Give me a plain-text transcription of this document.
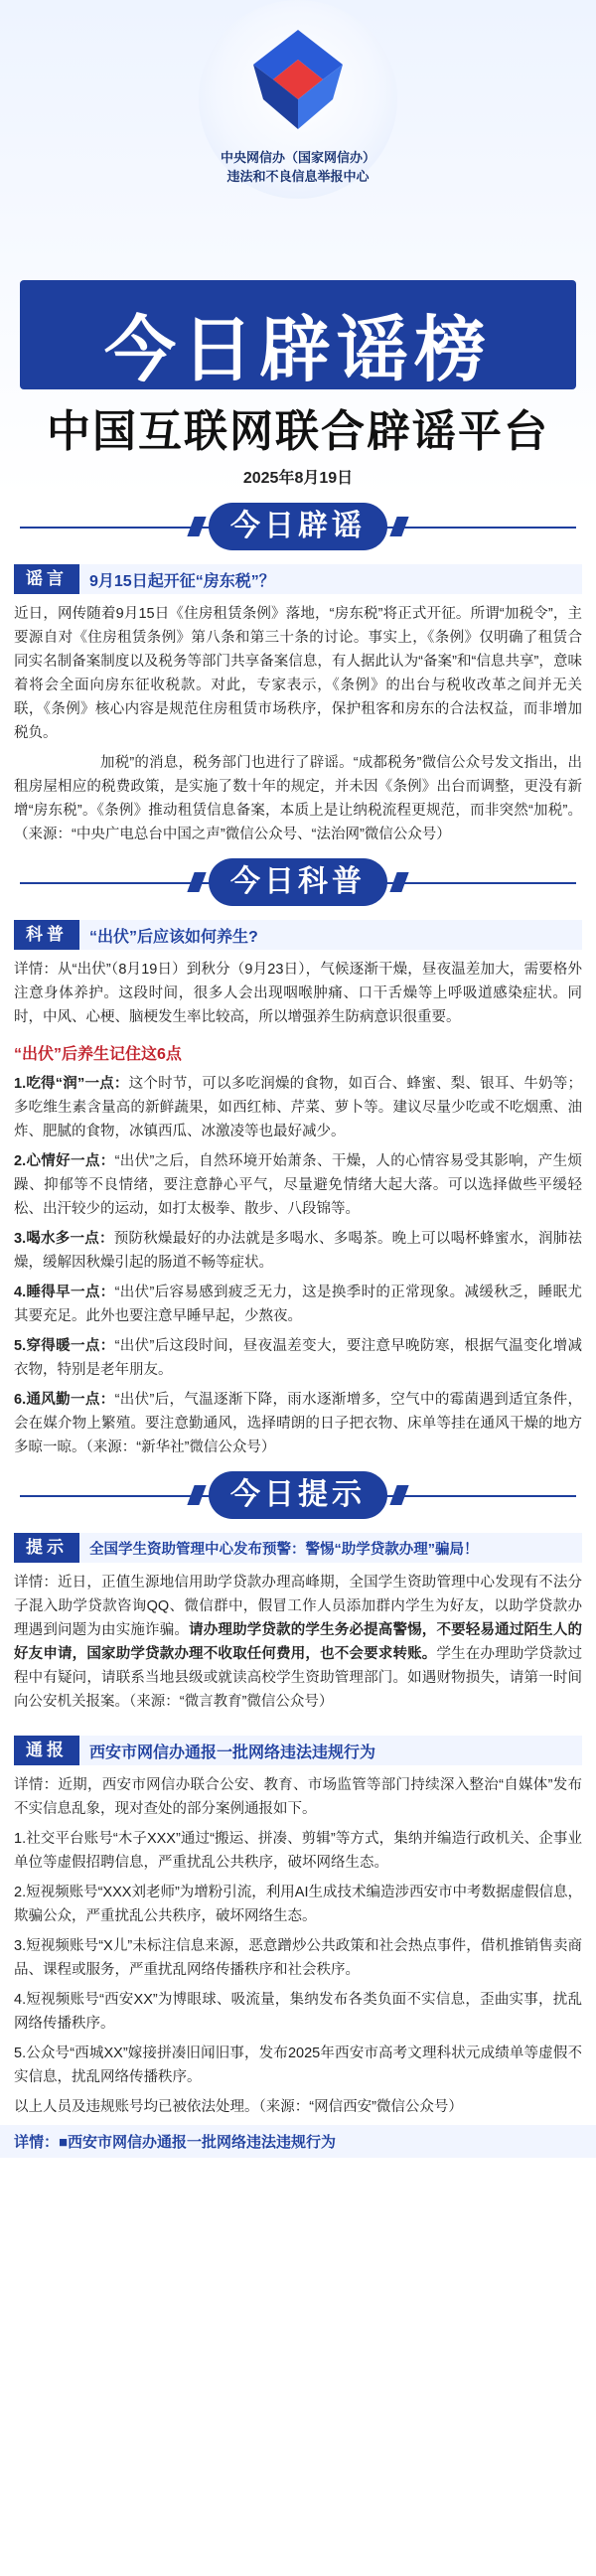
中央网信办（国家网信办）
违法和不良信息举报中心
今日辟谣榜
中国互联网联合辟谣平台
2025年8月19日
今日辟谣
谣言	9月15日起开征“房东税”？

近日，网传随着9月15日《住房租赁条例》落地，“房东税”将正式开征。所谓“加税令”，主要源自对《住房租赁条例》第八条和第三十条的讨论。事实上，《条例》仅明确了租赁合同实名制备案制度以及税务等部门共享备案信息，有人据此认为“备案”和“信息共享”，意味着将会全面向房东征收税款。对此，专家表示，《条例》的出台与税收改革之间并无关联，《条例》核心内容是规范住房租赁市场秩序，保护租客和房东的合法权益，而非增加税负。

加税”的消息，税务部门也进行了辟谣。“成都税务”微信公众号发文指出，出租房屋相应的税费政策，是实施了数十年的规定，并未因《条例》出台而调整，更没有新增“房东税”。《条例》推动租赁信息备案，本质上是让纳税流程更规范，而非突然“加税”。（来源：“中央广电总台中国之声”微信公众号、“法治网”微信公众号）

今日科普
科普	“出伏”后应该如何养生?

详情：从“出伏”（8月19日）到秋分（9月23日），气候逐渐干燥，昼夜温差加大，需要格外注意身体养护。这段时间，很多人会出现咽喉肿痛、口干舌燥等上呼吸道感染症状。同时，中风、心梗、脑梗发生率比较高，所以增强养生防病意识很重要。

“出伏”后养生记住这6点

1.吃得“润”一点：这个时节，可以多吃润燥的食物，如百合、蜂蜜、梨、银耳、牛奶等；多吃维生素含量高的新鲜蔬果，如西红柿、芹菜、萝卜等。建议尽量少吃或不吃烟熏、油炸、肥腻的食物，冰镇西瓜、冰激凌等也最好减少。

2.心情好一点：“出伏”之后，自然环境开始萧条、干燥，人的心情容易受其影响，产生烦躁、抑郁等不良情绪，要注意静心平气，尽量避免情绪大起大落。可以选择做些平缓轻松、出汗较少的运动，如打太极拳、散步、八段锦等。

3.喝水多一点：预防秋燥最好的办法就是多喝水、多喝茶。晚上可以喝杯蜂蜜水，润肺祛燥，缓解因秋燥引起的肠道不畅等症状。

4.睡得早一点：“出伏”后容易感到疲乏无力，这是换季时的正常现象。减缓秋乏，睡眠尤其要充足。此外也要注意早睡早起，少熬夜。

5.穿得暖一点：“出伏”后这段时间，昼夜温差变大，要注意早晚防寒，根据气温变化增减衣物，特别是老年朋友。

6.通风勤一点：“出伏”后，气温逐渐下降，雨水逐渐增多，空气中的霉菌遇到适宜条件，会在媒介物上繁殖。要注意勤通风，选择晴朗的日子把衣物、床单等挂在通风干燥的地方多晾一晾。（来源：“新华社”微信公众号）

今日提示
提示	全国学生资助管理中心发布预警：警惕“助学贷款办理”骗局！

详情：近日，正值生源地信用助学贷款办理高峰期，全国学生资助管理中心发现有不法分子混入助学贷款咨询QQ、微信群中，假冒工作人员添加群内学生为好友，以助学贷款办理遇到问题为由实施诈骗。请办理助学贷款的学生务必提高警惕，不要轻易通过陌生人的好友申请，国家助学贷款办理不收取任何费用，也不会要求转账。学生在办理助学贷款过程中有疑问，请联系当地县级或就读高校学生资助管理部门。如遇财物损失，请第一时间向公安机关报案。（来源：“微言教育”微信公众号）

通报	西安市网信办通报一批网络违法违规行为

详情：近期，西安市网信办联合公安、教育、市场监管等部门持续深入整治“自媒体”发布不实信息乱象，现对查处的部分案例通报如下。

1.社交平台账号“木子XXX”通过“搬运、拼凑、剪辑”等方式，集纳并编造行政机关、企事业单位等虚假招聘信息，严重扰乱公共秩序，破坏网络生态。

2.短视频账号“XXX刘老师”为增粉引流，利用AI生成技术编造涉西安市中考数据虚假信息，欺骗公众，严重扰乱公共秩序，破坏网络生态。

3.短视频账号“X儿”未标注信息来源，恶意蹭炒公共政策和社会热点事件，借机推销售卖商品、课程或服务，严重扰乱网络传播秩序和社会秩序。

4.短视频账号“西安XX”为博眼球、吸流量，集纳发布各类负面不实信息，歪曲实事，扰乱网络传播秩序。

5.公众号“西城XX”嫁接拼凑旧闻旧事，发布2025年西安市高考文理科状元成绩单等虚假不实信息，扰乱网络传播秩序。

以上人员及违规账号均已被依法处理。（来源：“网信西安”微信公众号）

详情：■西安市网信办通报一批网络违法违规行为
